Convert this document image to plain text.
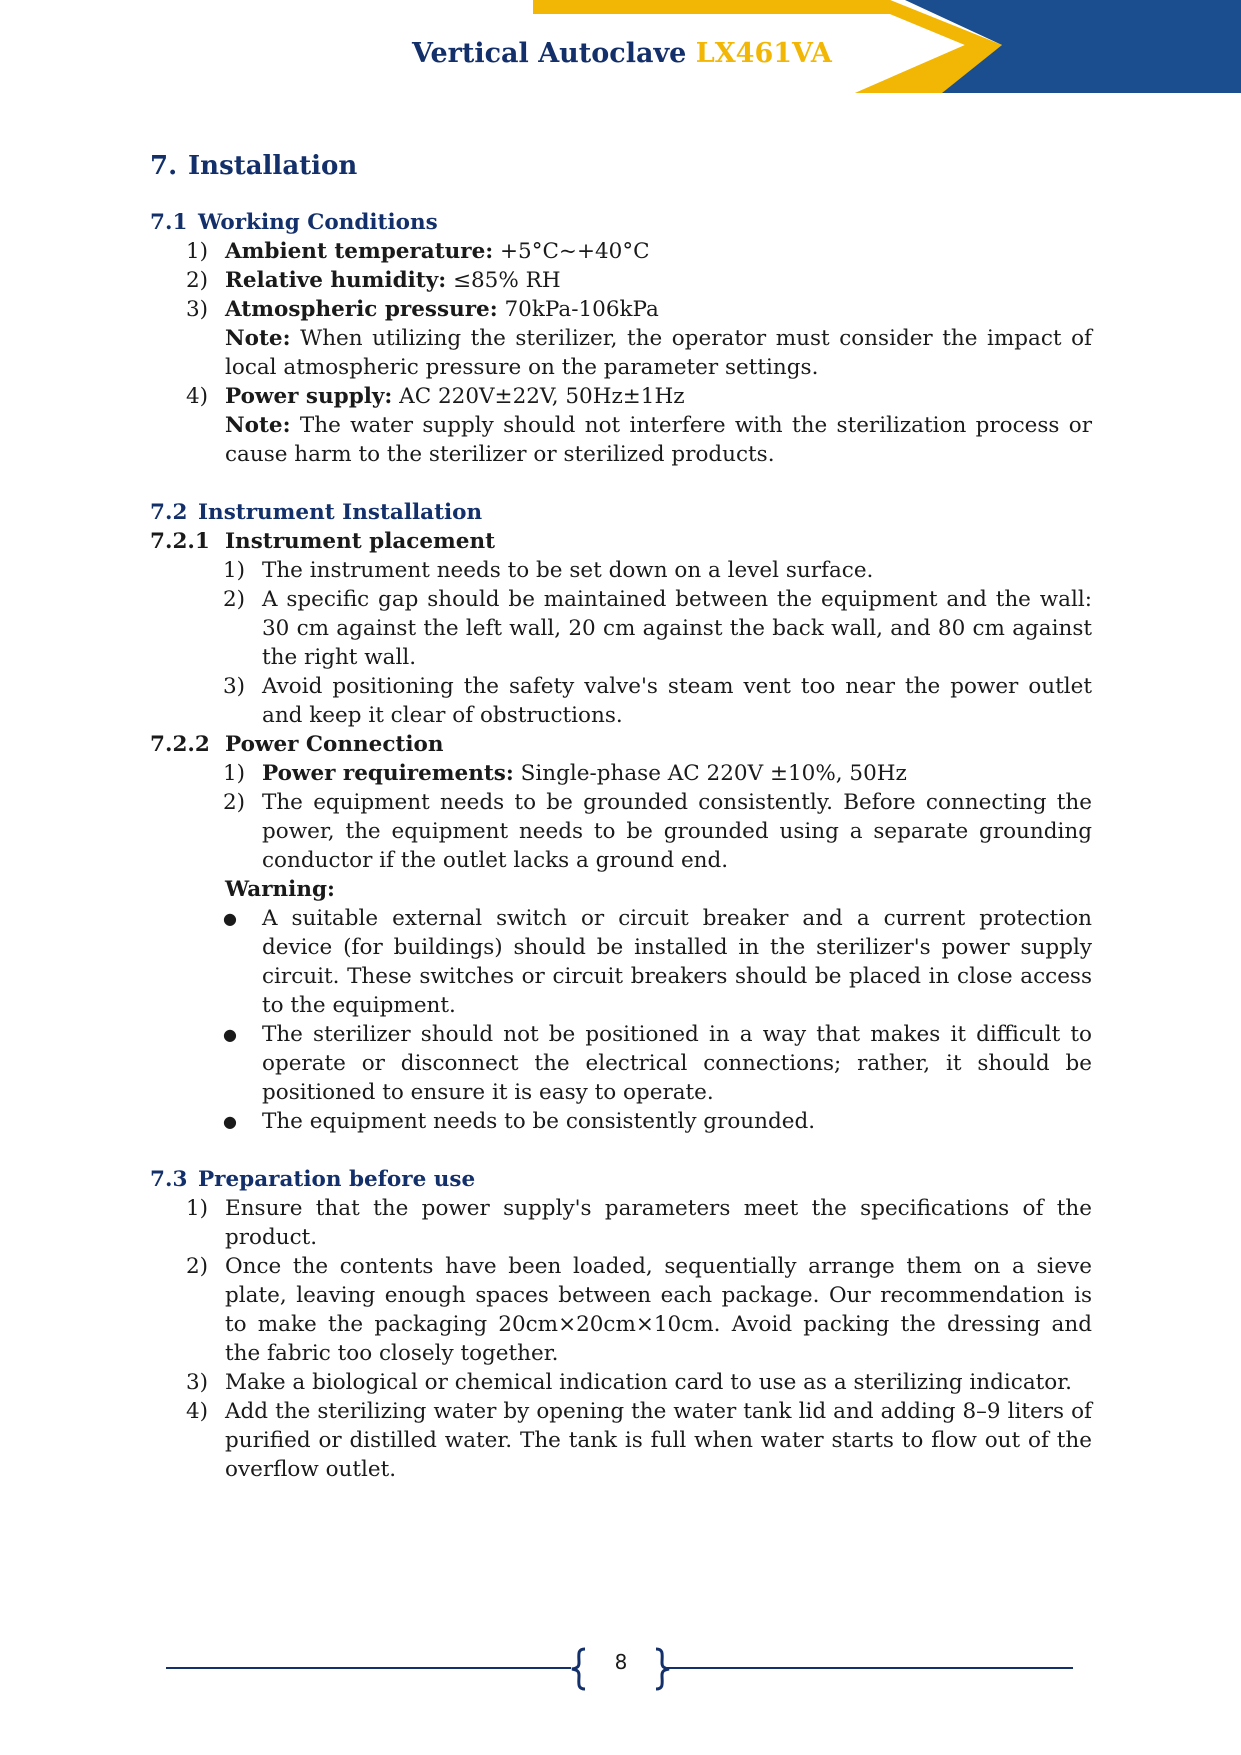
Vertical Autoclave LX461VA
7. Installation
7.1 Working Conditions
1) Ambient temperature: +5°C~+40°C
2) Relative humidity: ≤85% RH
3) Atmospheric pressure: 70kPa-106kPa
Note: When utilizing the sterilizer, the operator must consider the impact of local atmospheric pressure on the parameter settings.
4) Power supply: AC 220V±22V, 50Hz±1Hz
Note: The water supply should not interfere with the sterilization process or cause harm to the sterilizer or sterilized products.
7.2 Instrument Installation
7.2.1 Instrument placement
1) The instrument needs to be set down on a level surface.
2) A specific gap should be maintained between the equipment and the wall: 30 cm against the left wall, 20 cm against the back wall, and 80 cm against the right wall.
3) Avoid positioning the safety valve's steam vent too near the power outlet and keep it clear of obstructions.
7.2.2 Power Connection
1) Power requirements: Single-phase AC 220V ±10%, 50Hz
2) The equipment needs to be grounded consistently. Before connecting the power, the equipment needs to be grounded using a separate grounding conductor if the outlet lacks a ground end.
Warning:
● A suitable external switch or circuit breaker and a current protection device (for buildings) should be installed in the sterilizer's power supply circuit. These switches or circuit breakers should be placed in close access to the equipment.
● The sterilizer should not be positioned in a way that makes it difficult to operate or disconnect the electrical connections; rather, it should be positioned to ensure it is easy to operate.
● The equipment needs to be consistently grounded.
7.3 Preparation before use
1) Ensure that the power supply's parameters meet the specifications of the product.
2) Once the contents have been loaded, sequentially arrange them on a sieve plate, leaving enough spaces between each package. Our recommendation is to make the packaging 20cm×20cm×10cm. Avoid packing the dressing and the fabric too closely together.
3) Make a biological or chemical indication card to use as a sterilizing indicator.
4) Add the sterilizing water by opening the water tank lid and adding 8–9 liters of purified or distilled water. The tank is full when water starts to flow out of the overflow outlet.
8
